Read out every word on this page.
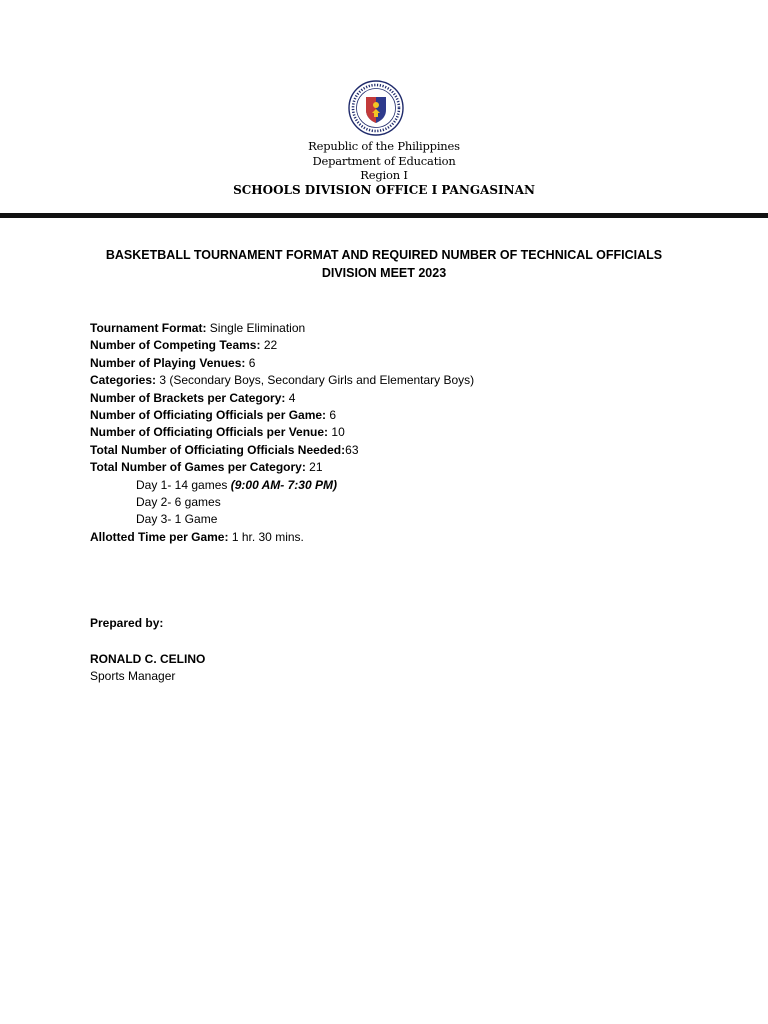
Republic of the Philippines
Department of Education
Region I
SCHOOLS DIVISION OFFICE I PANGASINAN
BASKETBALL TOURNAMENT FORMAT AND REQUIRED NUMBER OF TECHNICAL OFFICIALS
DIVISION MEET 2023
Tournament Format: Single Elimination
Number of Competing Teams: 22
Number of Playing Venues: 6
Categories: 3 (Secondary Boys, Secondary Girls and Elementary Boys)
Number of Brackets per Category: 4
Number of Officiating Officials per Game: 6
Number of Officiating Officials per Venue: 10
Total Number of Officiating Officials Needed:63
Total Number of Games per Category: 21
Day 1- 14 games (9:00 AM- 7:30 PM)
Day 2- 6 games
Day 3- 1 Game
Allotted Time per Game: 1 hr. 30 mins.
Prepared by:
RONALD C. CELINO
Sports Manager
